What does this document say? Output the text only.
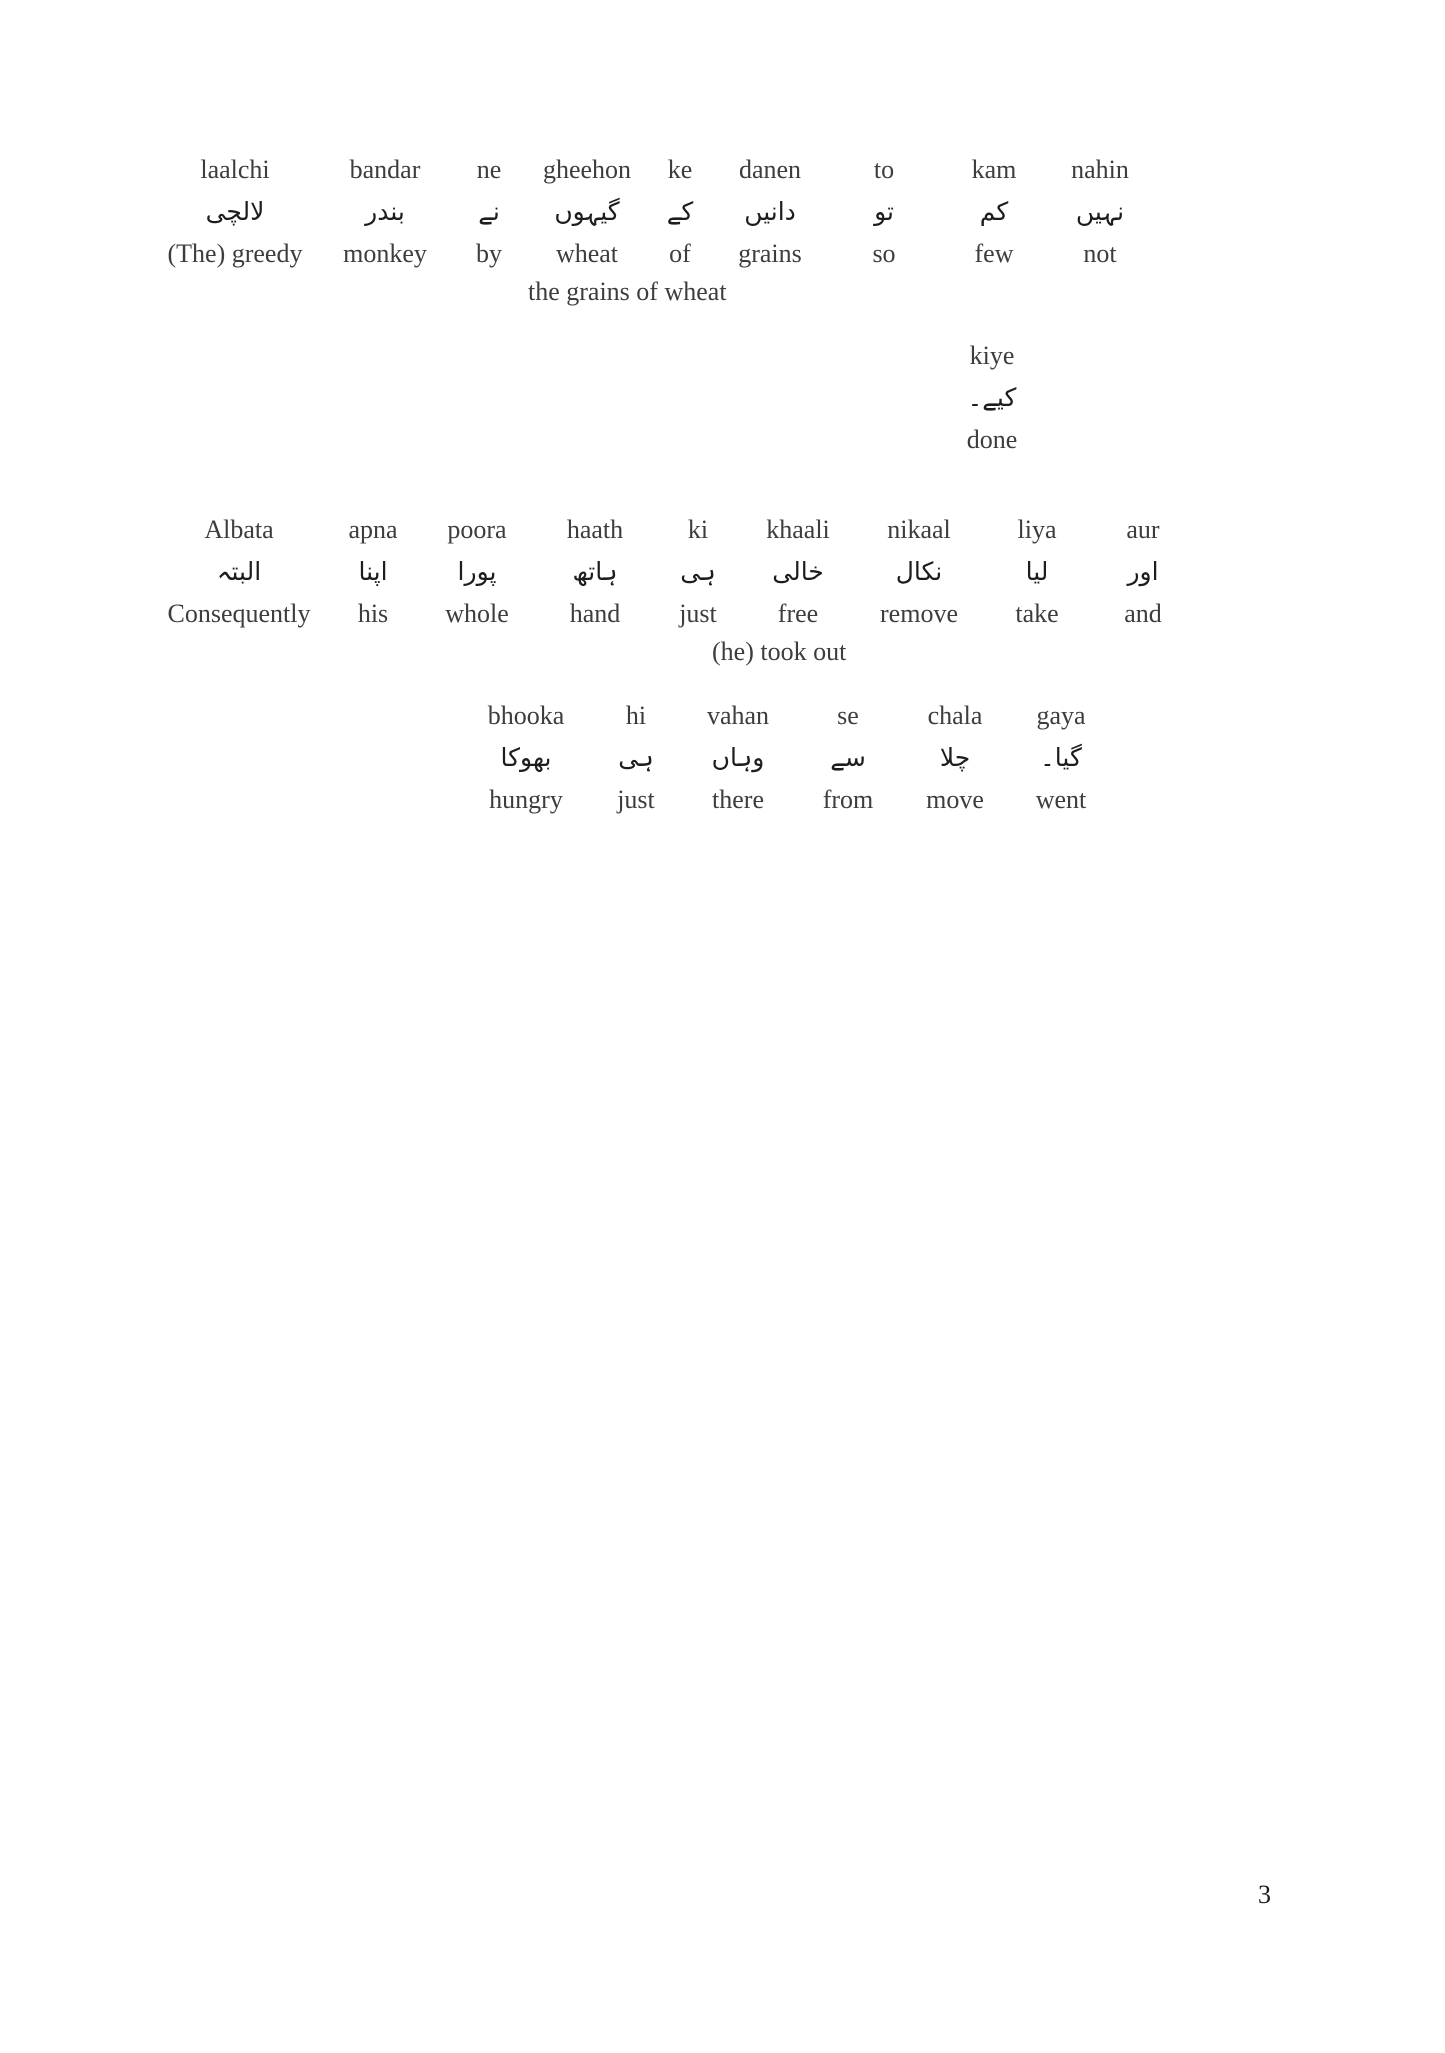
laalchi
لالچی
(The) greedy
bandar
بندر
monkey
ne
نے
by
gheehon
گیہوں
wheat
ke
کے
of
danen
دانیں
grains
to
تو
so
kam
کم
few
nahin
نہیں
not
the grains of wheat
kiye
کیے۔
done
Albata
البتہ
Consequently
apna
اپنا
his
poora
پورا
whole
haath
ہاتھ
hand
ki
ہی
just
khaali
خالی
free
nikaal
نکال
remove
liya
لیا
take
aur
اور
and
(he) took out
bhooka
بھوکا
hungry
hi
ہی
just
vahan
وہاں
there
se
سے
from
chala
چلا
move
gaya
گیا۔
went
3
